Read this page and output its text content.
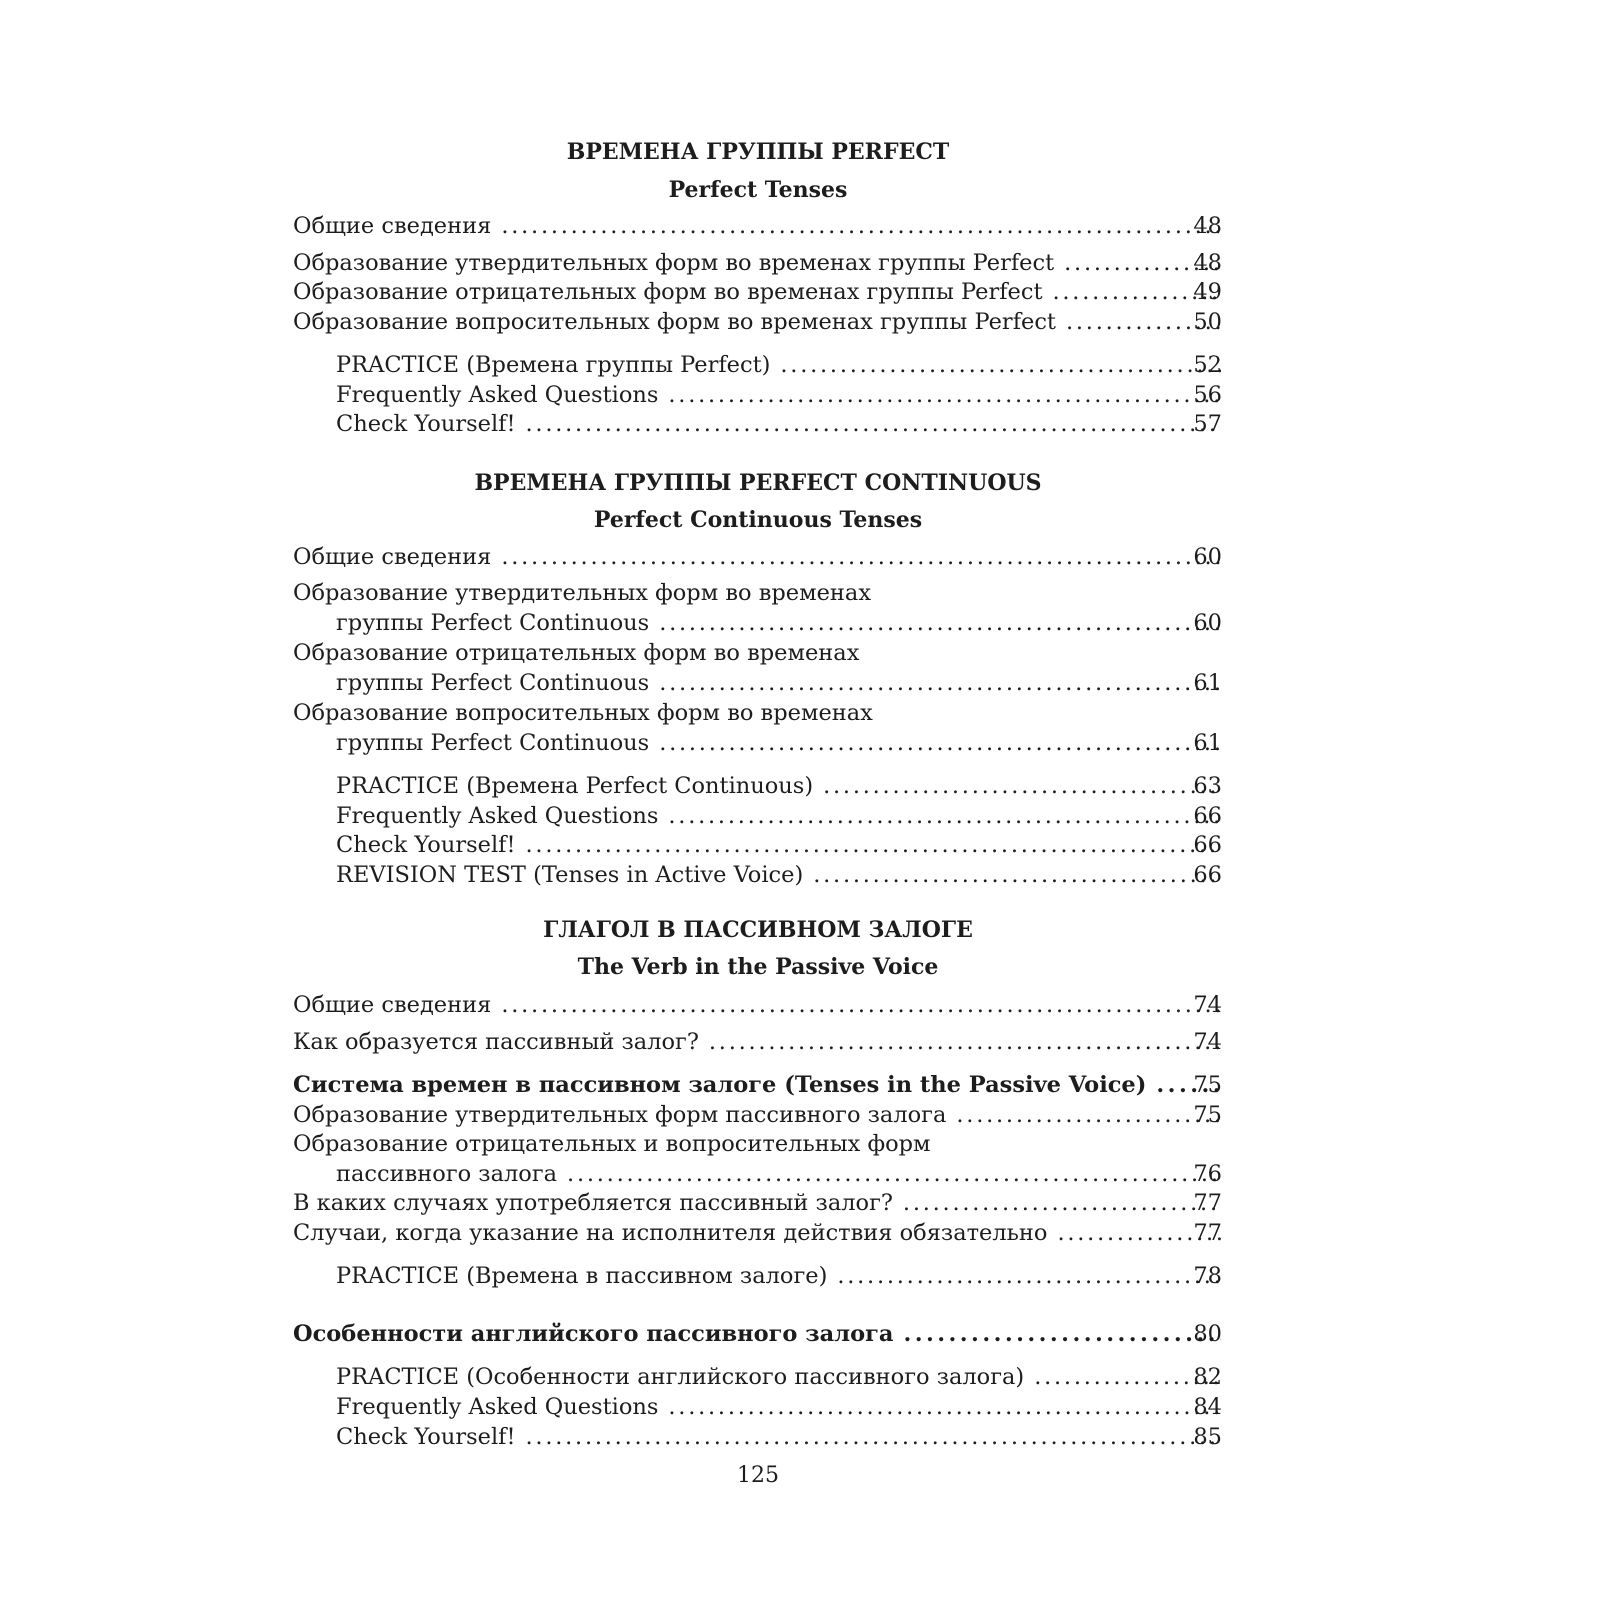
ВРЕМЕНА ГРУППЫ PERFECT
Perfect Tenses
Общие сведения . . .	48
Образование утвердительных форм во временах группы Perfect . . .	48
Образование отрицательных форм во временах группы Perfect . . .	49
Образование вопросительных форм во временах группы Perfect . . .	50
PRACTICE (Времена группы Perfect) . . .	52
Frequently Asked Questions . . .	56
Check Yourself! . . .	57
ВРЕМЕНА ГРУППЫ PERFECT CONTINUOUS
Perfect Continuous Tenses
Общие сведения . . .	60
Образование утвердительных форм во временах
группы Perfect Continuous . . .	60
Образование отрицательных форм во временах
группы Perfect Continuous . . .	61
Образование вопросительных форм во временах
группы Perfect Continuous . . .	61
PRACTICE (Времена Perfect Continuous) . . .	63
Frequently Asked Questions . . .	66
Check Yourself! . . .	66
REVISION TEST (Tenses in Active Voice) . . .	66
ГЛАГОЛ В ПАССИВНОМ ЗАЛОГЕ
The Verb in the Passive Voice
Общие сведения . . .	74
Как образуется пассивный залог? . . .	74
Система времен в пассивном залоге (Tenses in the Passive Voice) . . .	75
Образование утвердительных форм пассивного залога . . .	75
Образование отрицательных и вопросительных форм
пассивного залога . . .	76
В каких случаях употребляется пассивный залог? . . .	77
Случаи, когда указание на исполнителя действия обязательно . . .	77
PRACTICE (Времена в пассивном залоге) . . .	78
Особенности английского пассивного залога . . .	80
PRACTICE (Особенности английского пассивного залога) . . .	82
Frequently Asked Questions . . .	84
Check Yourself! . . .	85
125
